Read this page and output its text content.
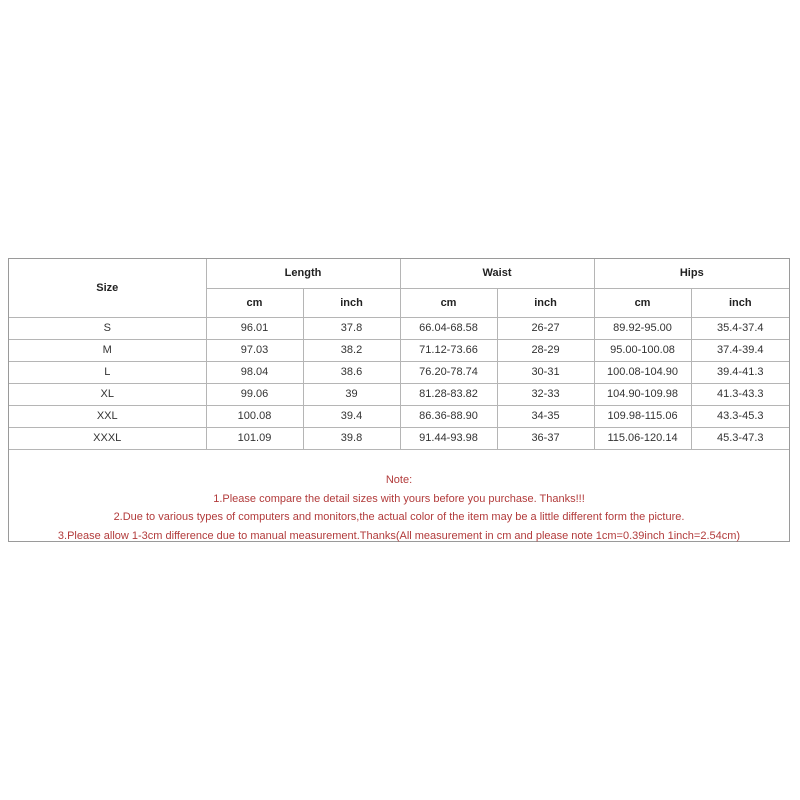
Size	Length		Waist		Hips	
	cm	inch	cm	inch	cm	inch
S	96.01	37.8	66.04-68.58	26-27	89.92-95.00	35.4-37.4
M	97.03	38.2	71.12-73.66	28-29	95.00-100.08	37.4-39.4
L	98.04	38.6	76.20-78.74	30-31	100.08-104.90	39.4-41.3
XL	99.06	39	81.28-83.82	32-33	104.90-109.98	41.3-43.3
XXL	100.08	39.4	86.36-88.90	34-35	109.98-115.06	43.3-45.3
XXXL	101.09	39.8	91.44-93.98	36-37	115.06-120.14	45.3-47.3
Note:
1.Please compare the detail sizes with yours before you purchase. Thanks!!!
2.Due to various types of computers and monitors,the actual color of the item may be a little different form the picture.
3.Please allow 1-3cm difference due to manual measurement.Thanks(All measurement in cm and please note 1cm=0.39inch 1inch=2.54cm)
